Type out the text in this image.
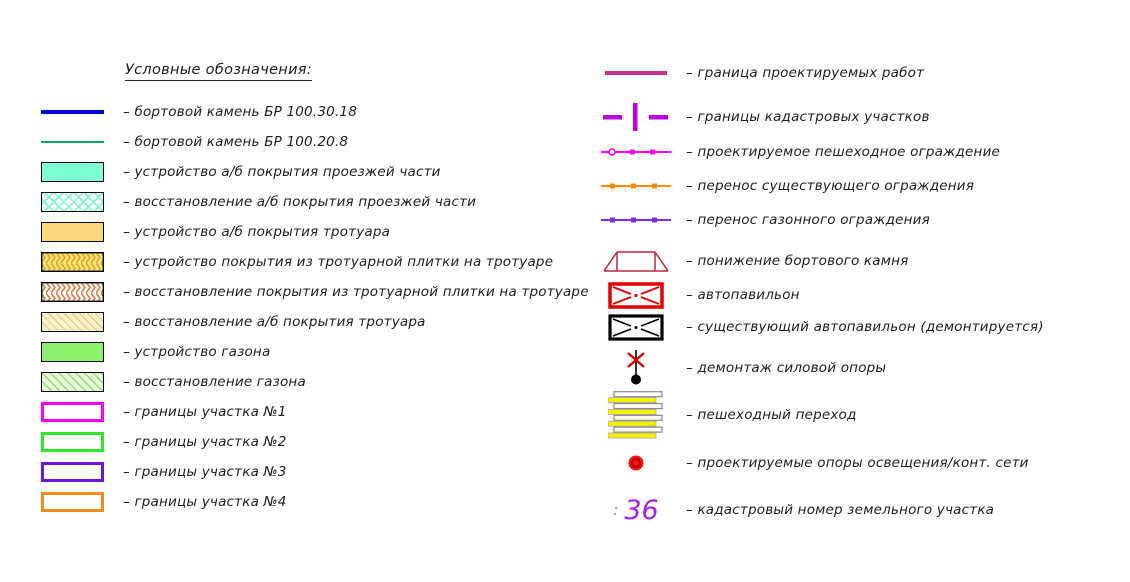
Условные обозначения:
– бортовой камень БР 100.30.18
– бортовой камень БР 100.20.8
– устройство а/б покрытия проезжей части
– восстановление а/б покрытия проезжей части
– устройство а/б покрытия тротуара
– устройство покрытия из тротуарной плитки на тротуаре
– восстановление покрытия из тротуарной плитки на тротуаре
– восстановление а/б покрытия тротуара
– устройство газона
– восстановление газона
– границы участка №1
– границы участка №2
– границы участка №3
– границы участка №4
– граница проектируемых работ
– границы кадастровых участков
– проектируемое пешеходное ограждение
– перенос существующего ограждения
– перенос газонного ограждения
– понижение бортового камня
– автопавильон
– существующий автопавильон (демонтируется)
– демонтаж силовой опоры
– пешеходный переход
– проектируемые опоры освещения/конт. сети
: 36 – кадастровый номер земельного участка
